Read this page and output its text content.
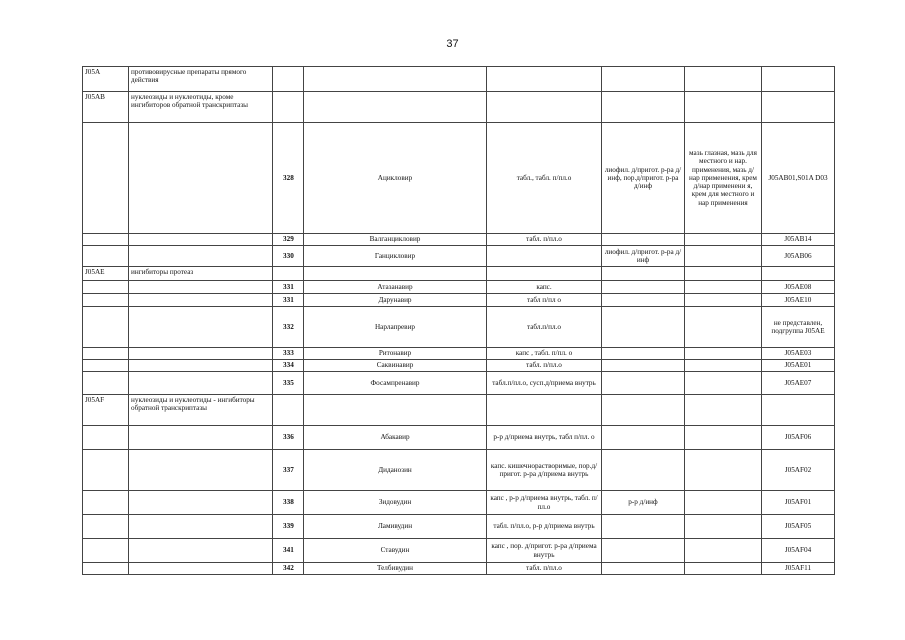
37
J05A	противовирусные препараты прямого действия						
J05AB	нуклеозиды и нуклеотиды, кроме ингибиторов обратной транскриптазы						
		328	Ацикловир	табл., табл. п/пл.о	лиофил. д/пригот. р-ра д/инф, пор.д/пригот. р-ра д/инф	мазь глазная, мазь для местного и нар. применения, мазь д/нар применения, крем д/нар применени я, крем для местного и нар применения	J05AB01,S01A D03
		329	Валганцикловир	табл. п/пл.о			J05AB14
		330	Ганцикловир		лиофил. д/пригот. р-ра д/инф		J05AB06
J05AE	ингибиторы протеаз						
		331	Атазанавир	капс.			J05AE08
		331	Дарунавир	табл п/пл о			J05AE10
		332	Нарлапревир	табл.п/пл.о			не представлен, подгруппа J05AE
		333	Ритонавир	капс , табл. п/пл. о			J05AE03
		334	Саквинавир	табл. п/пл.о			J05AE01
		335	Фосампренавир	табл.п/пл.о, сусп.д/приема внутрь			J05AE07
J05AF	нуклеозиды и нуклеотиды - ингибиторы обратной транскриптазы						
		336	Абакавир	р-р д/приема внутрь, табл п/пл. о			J05AF06
		337	Диданозин	капс. кишечнорастворимые, пор.д/пригот. р-ра д/приема внутрь			J05AF02
		338	Зидовудин	капс , р-р д/приема внутрь, табл. п/пл.о	р-р д/инф		J05AF01
		339	Ламивудин	табл. п/пл.о, р-р д/приема внутрь			J05AF05
		341	Ставудин	капс , пор. д/пригот. р-ра д/приема внутрь			J05AF04
		342	Телбивудин	табл. п/пл.о			J05AF11
